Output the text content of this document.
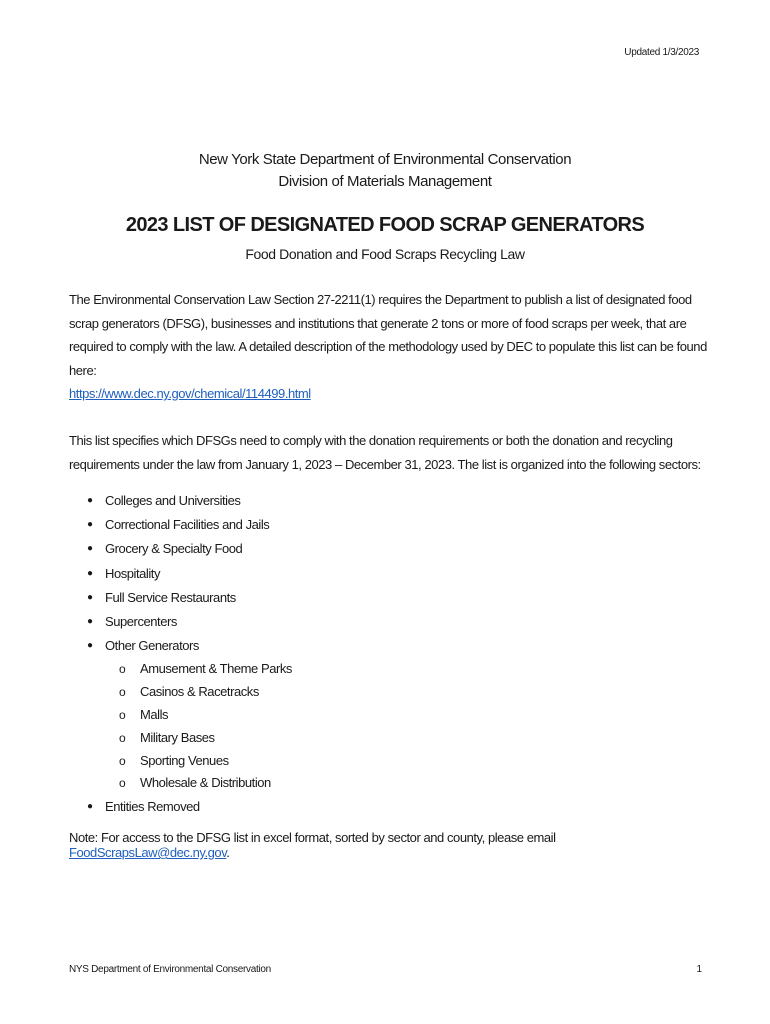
Updated 1/3/2023
New York State Department of Environmental Conservation
Division of Materials Management
2023 LIST OF DESIGNATED FOOD SCRAP GENERATORS
Food Donation and Food Scraps Recycling Law
The Environmental Conservation Law Section 27-2211(1) requires the Department to publish a list of designated food scrap generators (DFSG), businesses and institutions that generate 2 tons or more of food scraps per week, that are required to comply with the law. A detailed description of the methodology used by DEC to populate this list can be found here:
https://www.dec.ny.gov/chemical/114499.html
This list specifies which DFSGs need to comply with the donation requirements or both the donation and recycling requirements under the law from January 1, 2023 – December 31, 2023. The list is organized into the following sectors:
● Colleges and Universities
● Correctional Facilities and Jails
● Grocery & Specialty Food
● Hospitality
● Full Service Restaurants
● Supercenters
● Other Generators
o Amusement & Theme Parks
o Casinos & Racetracks
o Malls
o Military Bases
o Sporting Venues
o Wholesale & Distribution
● Entities Removed
Note: For access to the DFSG list in excel format, sorted by sector and county, please email FoodScrapsLaw@dec.ny.gov.
NYS Department of Environmental Conservation	1
